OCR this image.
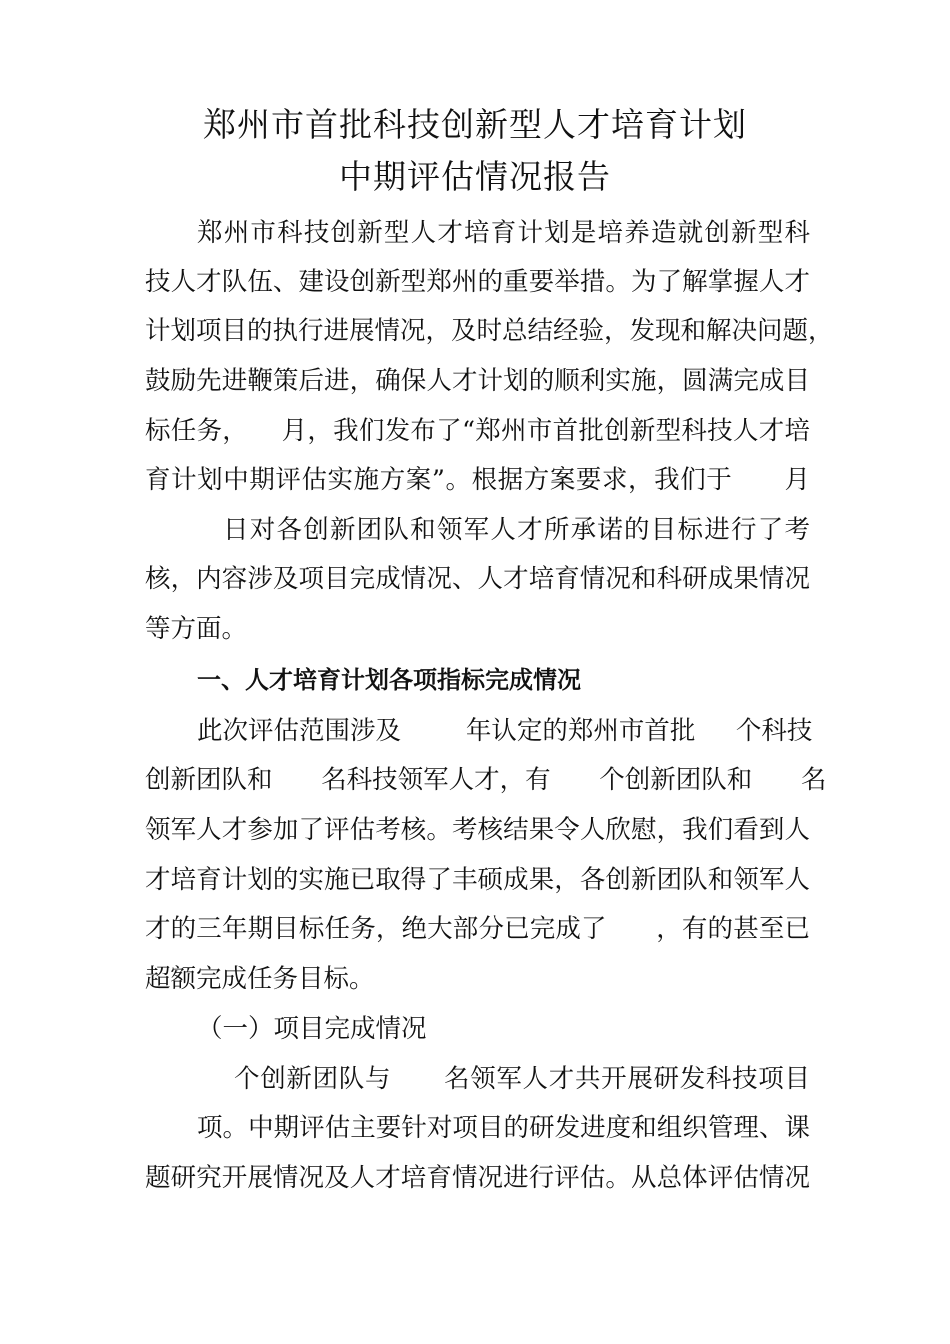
郑州市首批科技创新型人才培育计划
中期评估情况报告
郑州市科技创新型人才培育计划是培养造就创新型科
技人才队伍、建设创新型郑州的重要举措。为了解掌握人才
计划项目的执行进展情况，及时总结经验，发现和解决问题，
鼓励先进鞭策后进，确保人才计划的顺利实施，圆满完成目
标任务，    月，我们发布了“郑州市首批创新型科技人才培
育计划中期评估实施方案”。根据方案要求，我们于      月
日对各创新团队和领军人才所承诺的目标进行了考
核，内容涉及项目完成情况、人才培育情况和科研成果情况
等方面。
一、人才培育计划各项指标完成情况
此次评估范围涉及        年认定的郑州市首批     个科技
创新团队和      名科技领军人才，有      个创新团队和      名
领军人才参加了评估考核。考核结果令人欣慰，我们看到人
才培育计划的实施已取得了丰硕成果，各创新团队和领军人
才的三年期目标任务，绝大部分已完成了      ，有的甚至已
超额完成任务目标。
（一）项目完成情况
个创新团队与      名领军人才共开展研发科技项目
项。中期评估主要针对项目的研发进度和组织管理、课
题研究开展情况及人才培育情况进行评估。从总体评估情况
